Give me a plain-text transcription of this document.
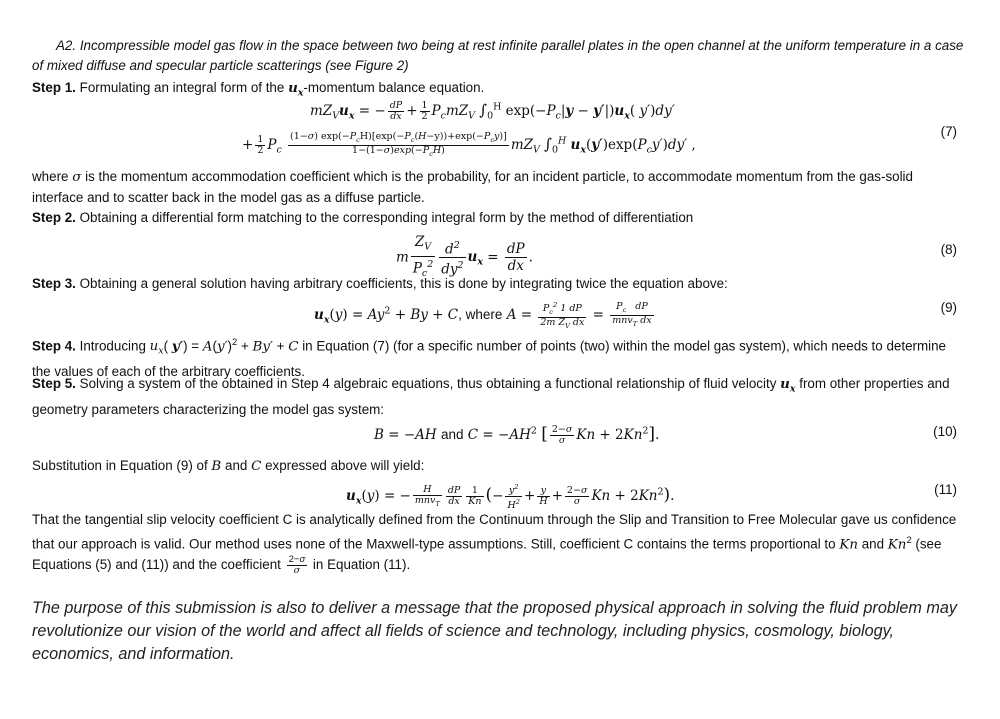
A2. Incompressible model gas flow in the space between two being at rest infinite parallel plates in the open channel at the uniform temperature in a case of mixed diffuse and specular particle scatterings (see Figure 2)
Step 1. Formulating an integral form of the $u_x$-momentum balance equation.
$mZ_Vu_x$ = − $\frac{dP}{dx} + \frac{1}{2} P_cmZ_V$ $\int_0^H$ $\exp(-P_c|y - y'|)u_x$( y′)dy′
+ $\frac{1}{2} P_c \frac{(1-\sigma) \exp(-P_cH)[\exp(-P_c(H-y))+\exp(-P_cy)]}{1-(1-\sigma)\exp(-P_cH)} mZ_V$ $\int_0^H$ $u_x(y')\exp(P_cy')dy'$ ,
(7)
where σ is the momentum accommodation coefficient which is the probability, for an incident particle, to accommodate momentum from the gas-solid interface and to scatter back in the model gas as a diffuse particle.
Step 2. Obtaining a differential form matching to the corresponding integral form by the method of differentiation
m $\frac{Z_V}{P_c^2} \frac{d^2}{dy^2} u_x = \frac{dP}{dx}$ .	(8)
Step 3. Obtaining a general solution having arbitrary coefficients, this is done by integrating twice the equation above:
$u_x(y) = Ay^2 + By + C$, where $A = \frac{P_c^2 1 dP}{2m Z_V dx} = \frac{P_c dP}{mnv_T dx}$	(9)
Step 4. Introducing $u_x$( $y') = A(y')^2 + By' + C$ in Equation (7) (for a specific number of points (two) within the model gas system), which needs to determine the values of each of the arbitrary coefficients.
Step 5. Solving a system of the obtained in Step 4 algebraic equations, thus obtaining a functional relationship of fluid velocity $u_x$ from other properties and geometry parameters characterizing the model gas system:
B = −AH and $C = -AH^2$ [ $\frac{2-\sigma}{\sigma}$ $Kn + 2Kn^2$].	(10)
Substitution in Equation (9) of B and C expressed above will yield:
$u_x(y)$ = − $\frac{H}{mnv_T} \frac{dP}{dx} \frac{1}{Kn}$ (− $\frac{y^2}{H^2} + \frac{y}{H} + \frac{2-\sigma}{\sigma}$ $Kn + 2Kn^2$).	(11)
That the tangential slip velocity coefficient C is analytically defined from the Continuum through the Slip and Transition to Free Molecular gave us confidence that our approach is valid. Our method uses none of the Maxwell-type assumptions. Still, coefficient C contains the terms proportional to Kn and Kn$^2$ (see Equations (5) and (11)) and the coefficient $\frac{2-\sigma}{\sigma}$ in Equation (11).
The purpose of this submission is also to deliver a message that the proposed physical approach in solving the fluid problem may revolutionize our vision of the world and affect all fields of science and technology, including physics, cosmology, biology, economics, and information.
